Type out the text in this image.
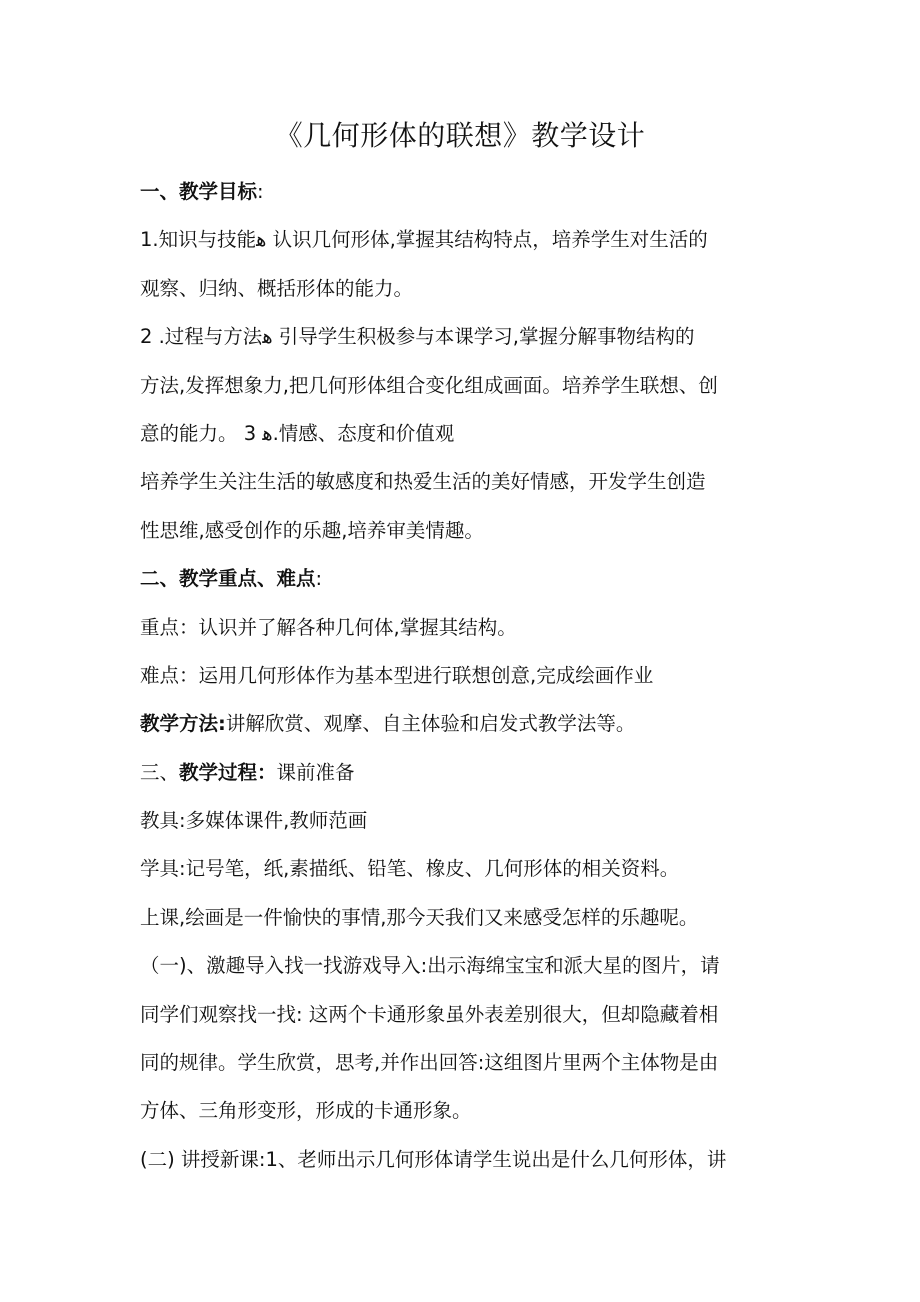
《几何形体的联想》教学设计
一、教学目标:
1.知识与技能ﻫ 认识几何形体,掌握其结构特点，培养学生对生活的
观察、归纳、概括形体的能力。
2 .过程与方法ﻫ 引导学生积极参与本课学习,掌握分解事物结构的
方法,发挥想象力,把几何形体组合变化组成画面。培养学生联想、创
意的能力。 3 ﻫ.情感、态度和价值观
培养学生关注生活的敏感度和热爱生活的美好情感，开发学生创造
性思维,感受创作的乐趣,培养审美情趣。
二、教学重点、难点:
重点：认识并了解各种几何体,掌握其结构。
难点：运用几何形体作为基本型进行联想创意,完成绘画作业
教学方法:讲解欣赏、观摩、自主体验和启发式教学法等。
三、教学过程：课前准备
教具:多媒体课件,教师范画
学具:记号笔，纸,素描纸、铅笔、橡皮、几何形体的相关资料。
上课,绘画是一件愉快的事情,那今天我们又来感受怎样的乐趣呢。
（一)、激趣导入找一找游戏导入:出示海绵宝宝和派大星的图片，请
同学们观察找一找: 这两个卡通形象虽外表差别很大，但却隐藏着相
同的规律。学生欣赏，思考,并作出回答:这组图片里两个主体物是由
方体、三角形变形，形成的卡通形象。
(二) 讲授新课:1、老师出示几何形体请学生说出是什么几何形体，讲
